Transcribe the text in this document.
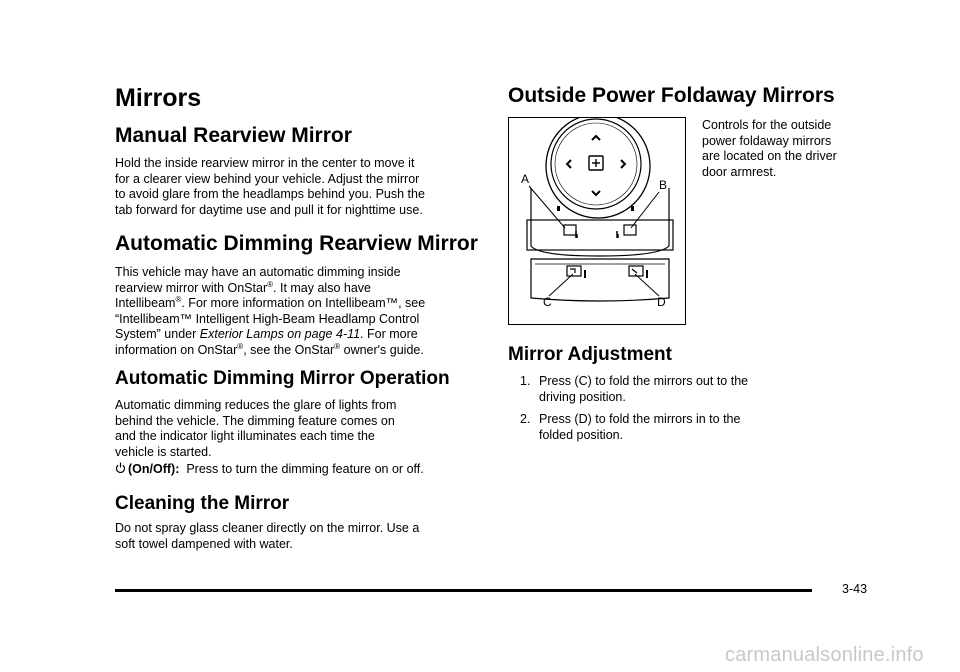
Mirrors
Manual Rearview Mirror
Hold the inside rearview mirror in the center to move it
for a clearer view behind your vehicle. Adjust the mirror
to avoid glare from the headlamps behind you. Push the
tab forward for daytime use and pull it for nighttime use.
Automatic Dimming Rearview Mirror
This vehicle may have an automatic dimming inside
rearview mirror with OnStar®. It may also have
Intellibeam®. For more information on Intellibeam™, see
“Intellibeam™ Intelligent High-Beam Headlamp Control
System” under Exterior Lamps on page 4-11. For more
information on OnStar®, see the OnStar® owner's guide.
Automatic Dimming Mirror Operation
Automatic dimming reduces the glare of lights from
behind the vehicle. The dimming feature comes on
and the indicator light illuminates each time the
vehicle is started.
(On/Off):  Press to turn the dimming feature on or off.
Cleaning the Mirror
Do not spray glass cleaner directly on the mirror. Use a
soft towel dampened with water.
Outside Power Foldaway Mirrors
A	B
C	D
Controls for the outside
power foldaway mirrors
are located on the driver
door armrest.
Mirror Adjustment
1. Press (C) to fold the mirrors out to the
driving position.
2. Press (D) to fold the mirrors in to the
folded position.
3-43
carmanualsonline.info
